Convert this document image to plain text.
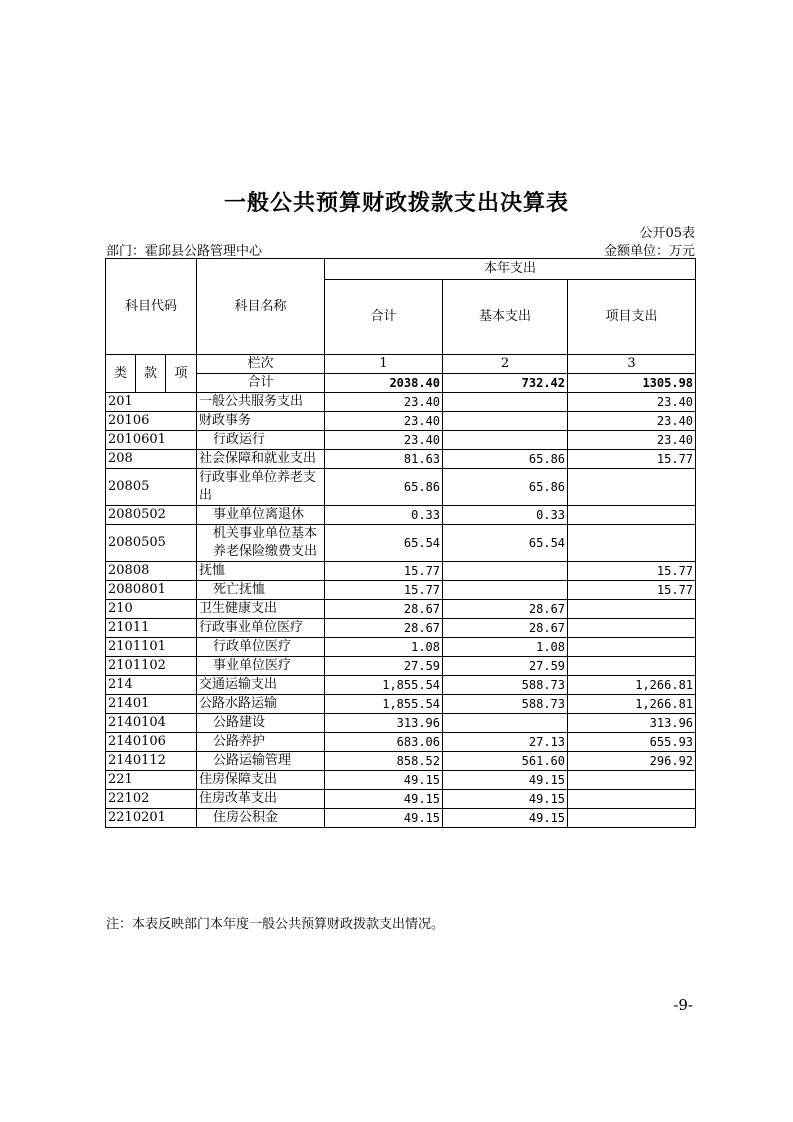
一般公共预算财政拨款支出决算表
公开05表
部门：霍邱县公路管理中心	金额单位：万元
科目代码			科目名称	本年支出		
				合计	基本支出	项目支出
类	款	项	栏次	1	2	3
			合计	2038.40	732.42	1305.98
201			一般公共服务支出	23.40		23.40
20106			财政事务	23.40		23.40
2010601			行政运行	23.40		23.40
208			社会保障和就业支出	81.63	65.86	15.77
20805			行政事业单位养老支出	65.86	65.86	
2080502			事业单位离退休	0.33	0.33	
2080505			机关事业单位基本养老保险缴费支出	65.54	65.54	
20808			抚恤	15.77		15.77
2080801			死亡抚恤	15.77		15.77
210			卫生健康支出	28.67	28.67	
21011			行政事业单位医疗	28.67	28.67	
2101101			行政单位医疗	1.08	1.08	
2101102			事业单位医疗	27.59	27.59	
214			交通运输支出	1,855.54	588.73	1,266.81
21401			公路水路运输	1,855.54	588.73	1,266.81
2140104			公路建设	313.96		313.96
2140106			公路养护	683.06	27.13	655.93
2140112			公路运输管理	858.52	561.60	296.92
221			住房保障支出	49.15	49.15	
22102			住房改革支出	49.15	49.15	
2210201			住房公积金	49.15	49.15	
注：本表反映部门本年度一般公共预算财政拨款支出情况。
-9-
